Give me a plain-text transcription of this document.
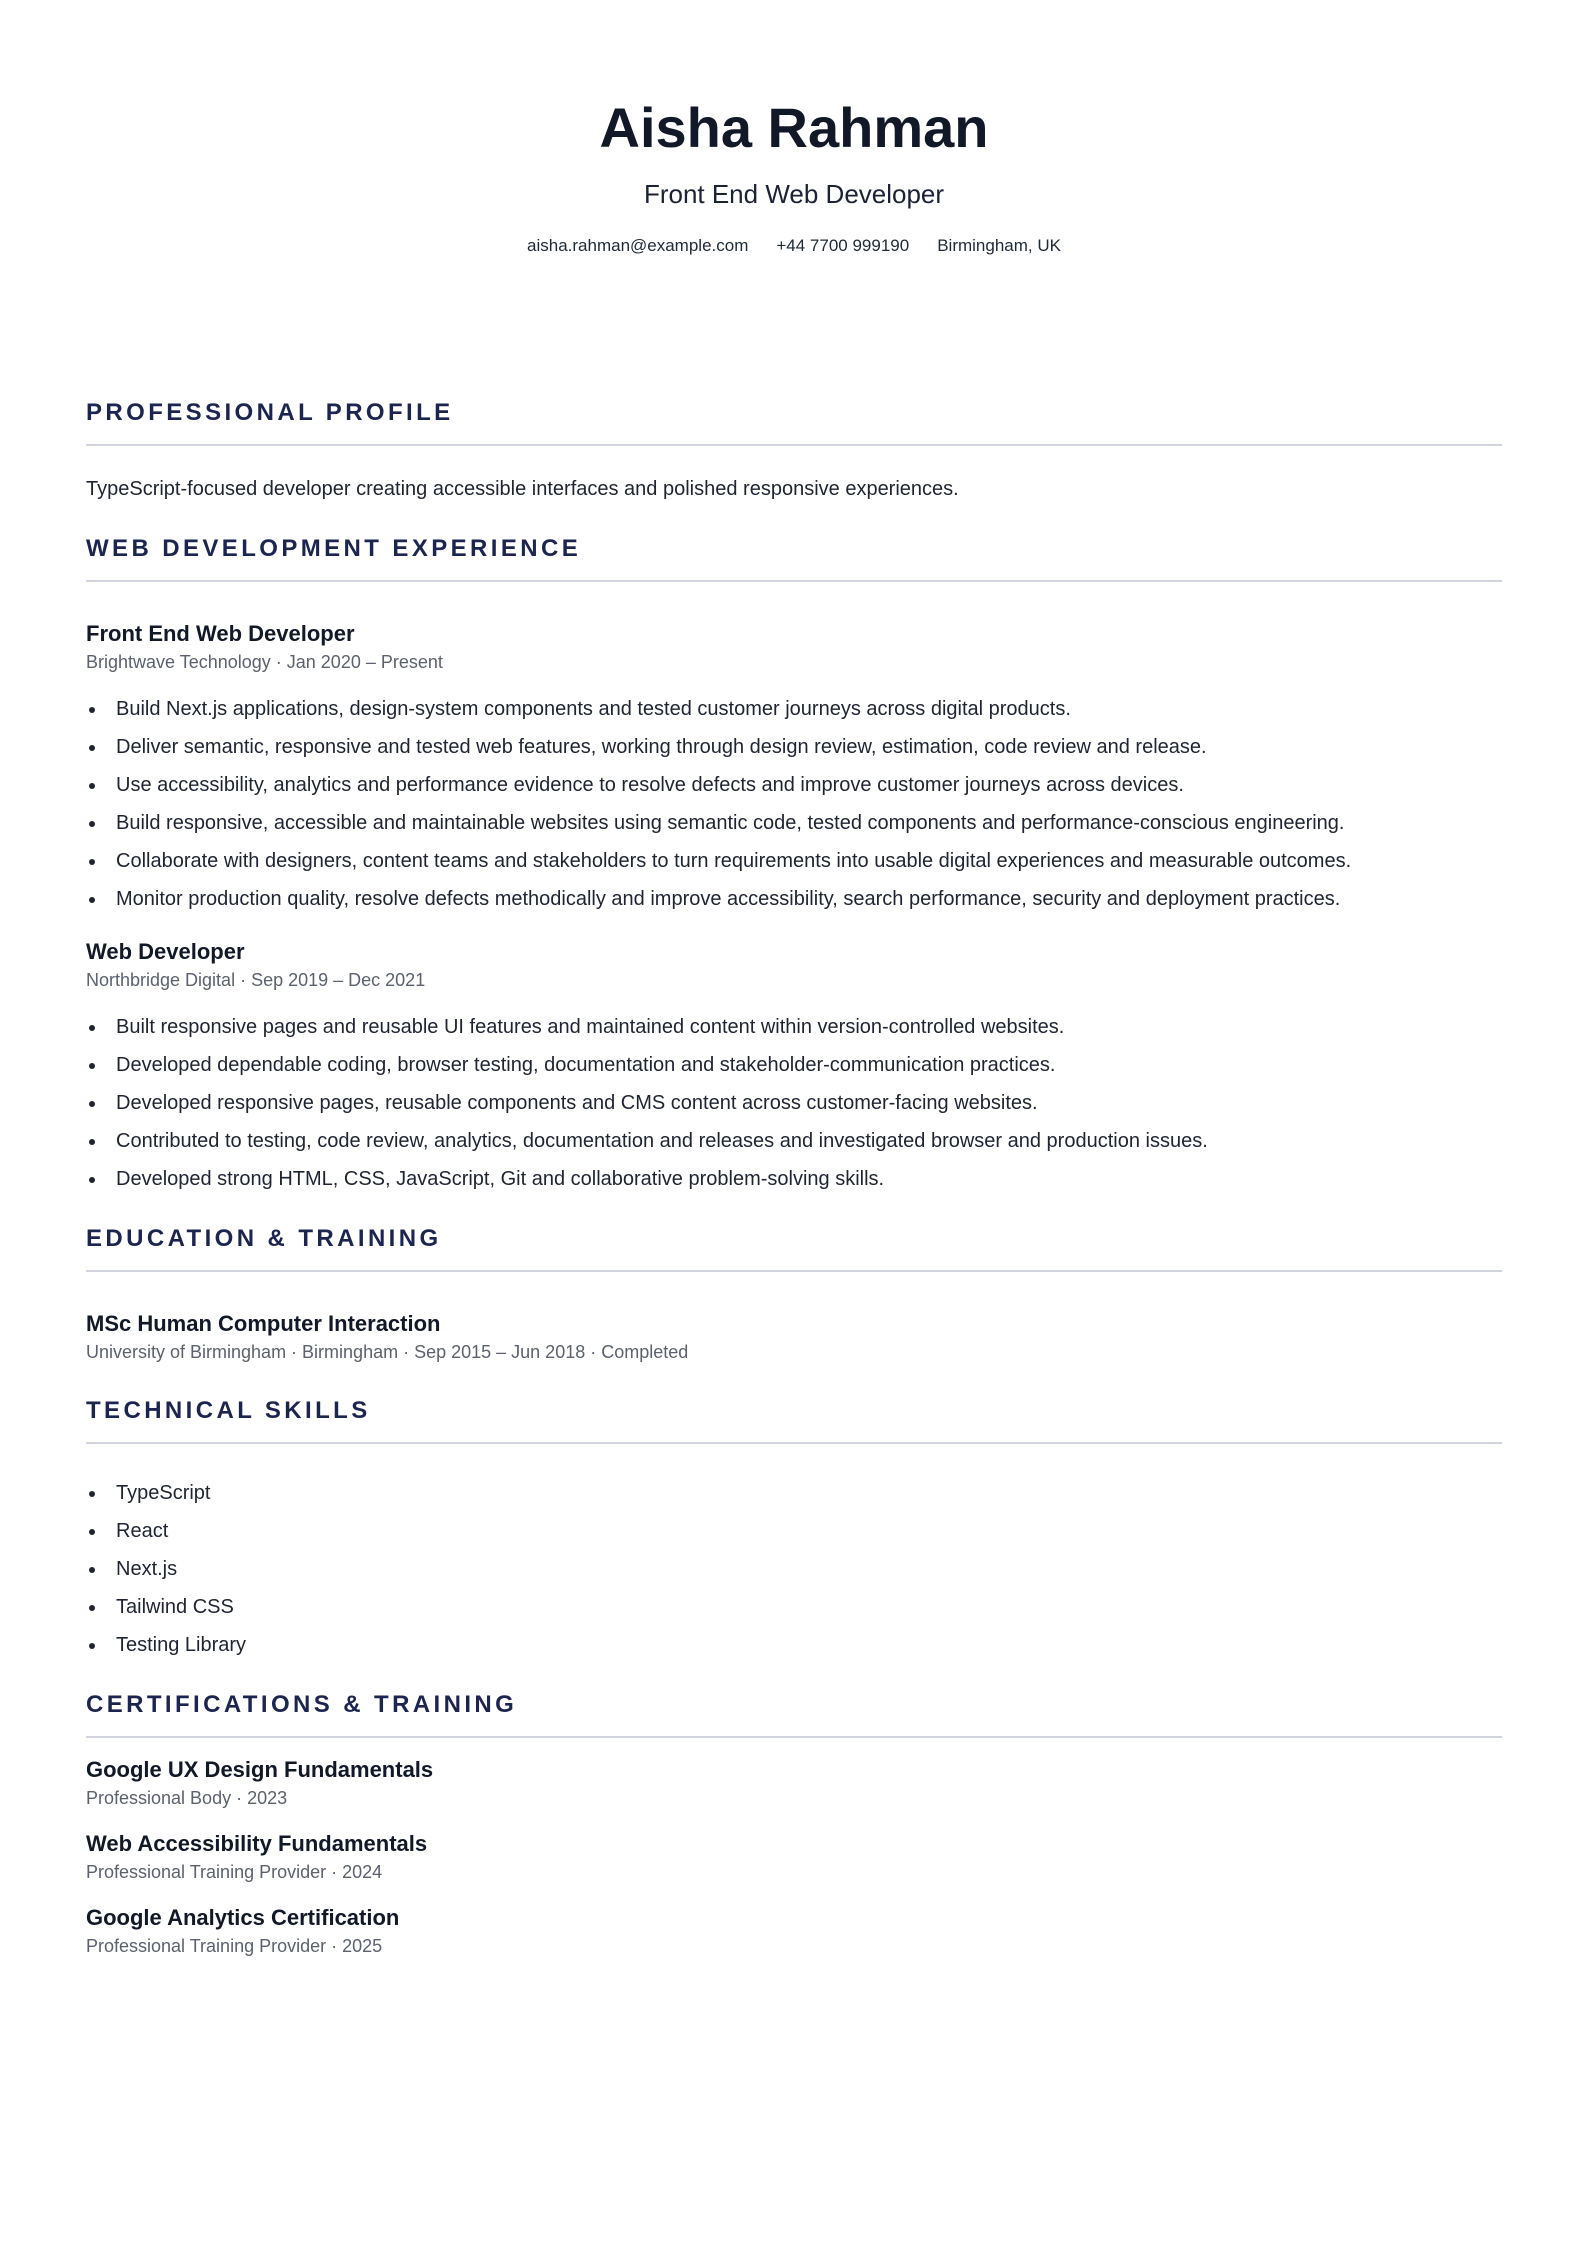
Aisha Rahman
Front End Web Developer
aisha.rahman@example.com +44 7700 999190 Birmingham, UK
PROFESSIONAL PROFILE
TypeScript-focused developer creating accessible interfaces and polished responsive experiences.
WEB DEVELOPMENT EXPERIENCE
Front End Web Developer
Brightwave Technology · Jan 2020 – Present
Build Next.js applications, design-system components and tested customer journeys across digital products.
Deliver semantic, responsive and tested web features, working through design review, estimation, code review and release.
Use accessibility, analytics and performance evidence to resolve defects and improve customer journeys across devices.
Build responsive, accessible and maintainable websites using semantic code, tested components and performance-conscious engineering.
Collaborate with designers, content teams and stakeholders to turn requirements into usable digital experiences and measurable outcomes.
Monitor production quality, resolve defects methodically and improve accessibility, search performance, security and deployment practices.
Web Developer
Northbridge Digital · Sep 2019 – Dec 2021
Built responsive pages and reusable UI features and maintained content within version-controlled websites.
Developed dependable coding, browser testing, documentation and stakeholder-communication practices.
Developed responsive pages, reusable components and CMS content across customer-facing websites.
Contributed to testing, code review, analytics, documentation and releases and investigated browser and production issues.
Developed strong HTML, CSS, JavaScript, Git and collaborative problem-solving skills.
EDUCATION & TRAINING
MSc Human Computer Interaction
University of Birmingham · Birmingham · Sep 2015 – Jun 2018 · Completed
TECHNICAL SKILLS
TypeScript
React
Next.js
Tailwind CSS
Testing Library
CERTIFICATIONS & TRAINING
Google UX Design Fundamentals
Professional Body · 2023
Web Accessibility Fundamentals
Professional Training Provider · 2024
Google Analytics Certification
Professional Training Provider · 2025
